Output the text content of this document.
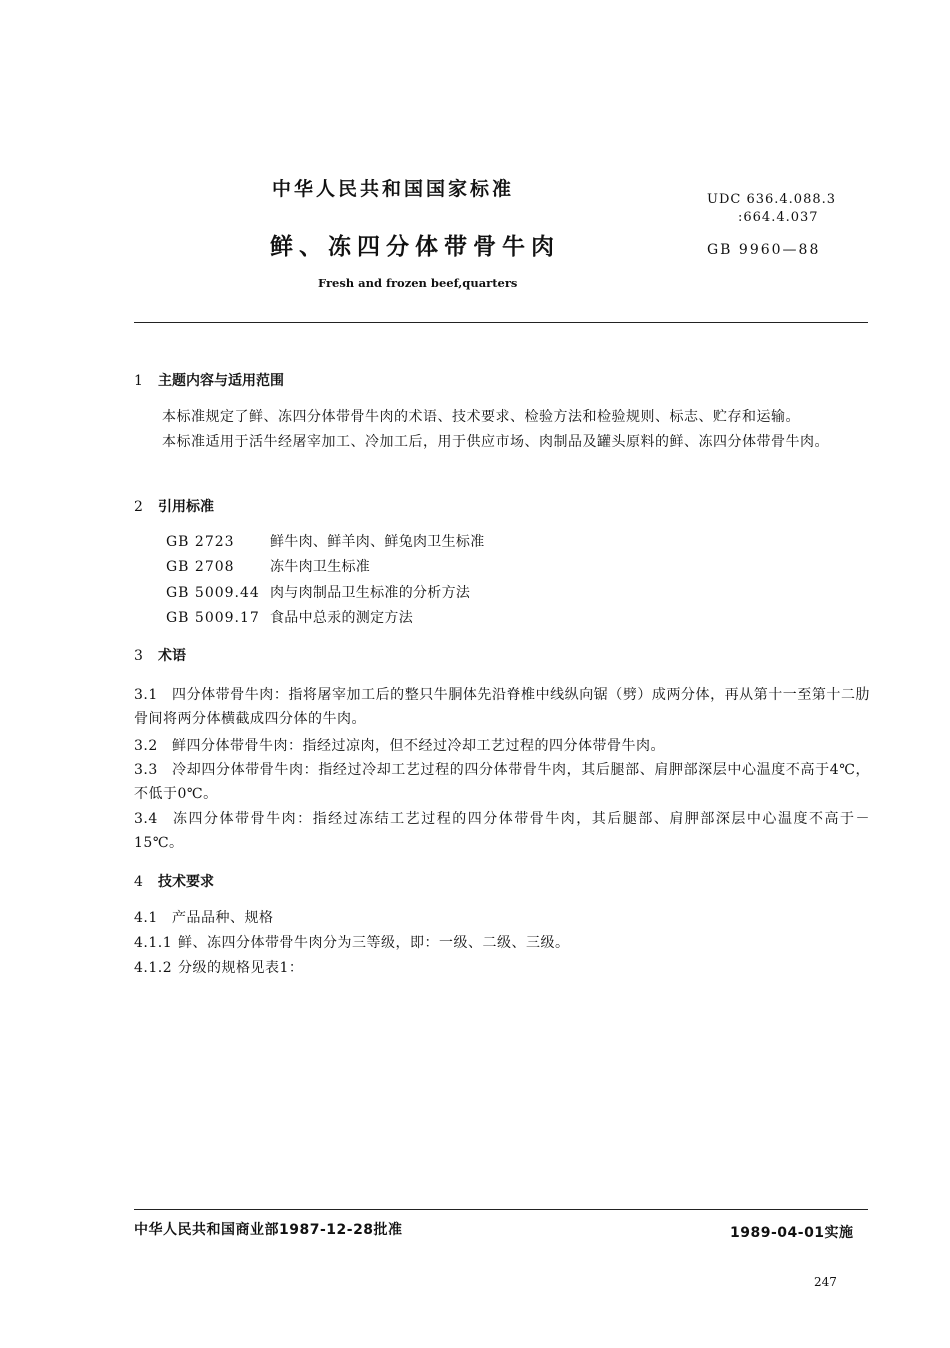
中华人民共和国国家标准
鲜、冻四分体带骨牛肉
Fresh and frozen beef,quarters
UDC 636.4.088.3
:664.4.037
GB 9960—88
1 主题内容与适用范围
本标准规定了鲜、冻四分体带骨牛肉的术语、技术要求、检验方法和检验规则、标志、贮存和运输。
本标准适用于活牛经屠宰加工、冷加工后，用于供应市场、肉制品及罐头原料的鲜、冻四分体带骨牛肉。
2 引用标准
GB 2723	鲜牛肉、鲜羊肉、鲜兔肉卫生标准
GB 2708	冻牛肉卫生标准
GB 5009.44 肉与肉制品卫生标准的分析方法
GB 5009.17 食品中总汞的测定方法
3 术语
3.1 四分体带骨牛肉：指将屠宰加工后的整只牛胴体先沿脊椎中线纵向锯（劈）成两分体，再从第十一至第十二肋骨间将两分体横截成四分体的牛肉。
3.2 鲜四分体带骨牛肉：指经过凉肉，但不经过冷却工艺过程的四分体带骨牛肉。
3.3 冷却四分体带骨牛肉：指经过冷却工艺过程的四分体带骨牛肉，其后腿部、肩胛部深层中心温度不高于4℃，不低于0℃。
3.4 冻四分体带骨牛肉：指经过冻结工艺过程的四分体带骨牛肉，其后腿部、肩胛部深层中心温度不高于－15℃。
4 技术要求
4.1 产品品种、规格
4.1.1 鲜、冻四分体带骨牛肉分为三等级，即：一级、二级、三级。
4.1.2 分级的规格见表1：
中华人民共和国商业部1987-12-28批准	1989-04-01实施
247
